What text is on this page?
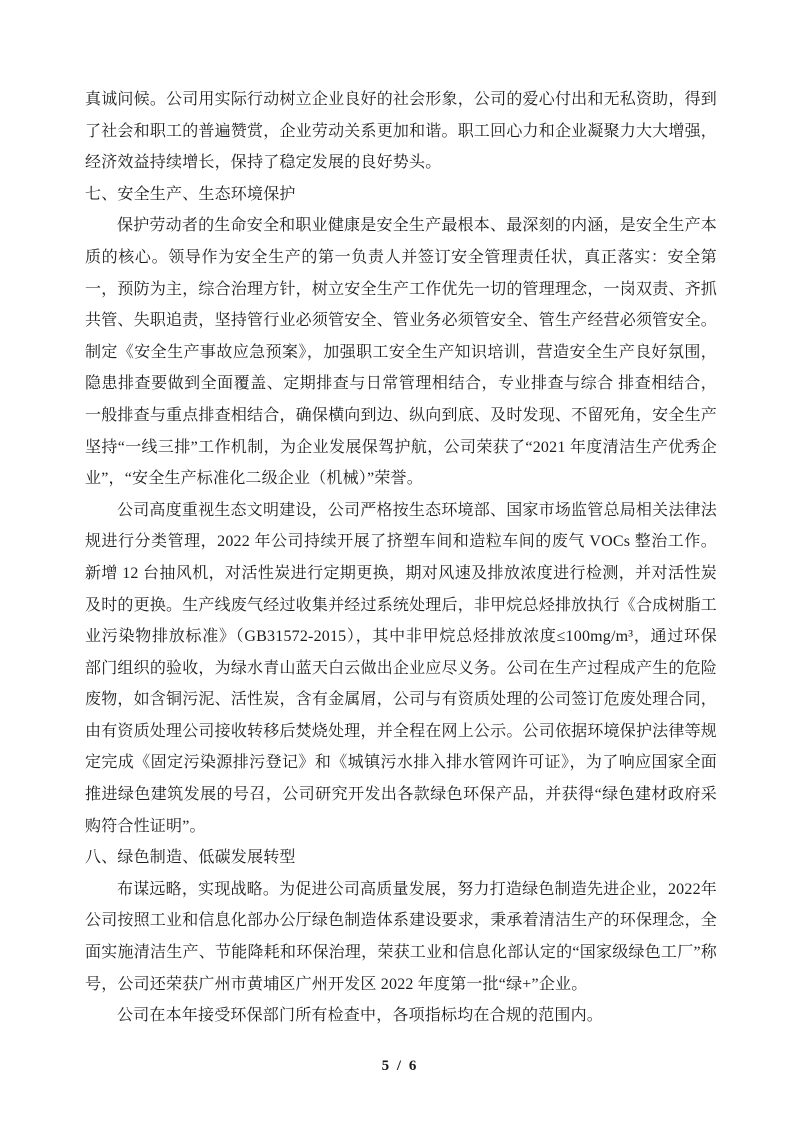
真诚问候。公司用实际行动树立企业良好的社会形象，公司的爱心付出和无私资助，得到了社会和职工的普遍赞赏，企业劳动关系更加和谐。职工回心力和企业凝聚力大大增强，经济效益持续增长，保持了稳定发展的良好势头。

七、安全生产、生态环境保护

保护劳动者的生命安全和职业健康是安全生产最根本、最深刻的内涵，是安全生产本质的核心。领导作为安全生产的第一负责人并签订安全管理责任状，真正落实：安全第一，预防为主，综合治理方针，树立安全生产工作优先一切的管理理念，一岗双责、齐抓共管、失职追责，坚持管行业必须管安全、管业务必须管安全、管生产经营必须管安全。制定《安全生产事故应急预案》，加强职工安全生产知识培训，营造安全生产良好氛围，隐患排查要做到全面覆盖、定期排查与日常管理相结合，专业排查与综合 排查相结合，一般排查与重点排查相结合，确保横向到边、纵向到底、及时发现、不留死角，安全生产坚持“一线三排”工作机制，为企业发展保驾护航，公司荣获了“2021 年度清洁生产优秀企业”，“安全生产标准化二级企业（机械）”荣誉。

公司高度重视生态文明建设，公司严格按生态环境部、国家市场监管总局相关法律法规进行分类管理，2022 年公司持续开展了挤塑车间和造粒车间的废气 VOCs 整治工作。新增 12 台抽风机，对活性炭进行定期更换，期对风速及排放浓度进行检测，并对活性炭及时的更换。生产线废气经过收集并经过系统处理后，非甲烷总烃排放执行《合成树脂工业污染物排放标准》（GB31572-2015），其中非甲烷总烃排放浓度≤100mg/m³，通过环保部门组织的验收，为绿水青山蓝天白云做出企业应尽义务。公司在生产过程成产生的危险废物，如含铜污泥、活性炭，含有金属屑，公司与有资质处理的公司签订危废处理合同，由有资质处理公司接收转移后焚烧处理，并全程在网上公示。公司依据环境保护法律等规定完成《固定污染源排污登记》和《城镇污水排入排水管网许可证》，为了响应国家全面推进绿色建筑发展的号召，公司研究开发出各款绿色环保产品，并获得“绿色建材政府采购符合性证明”。

八、绿色制造、低碳发展转型

布谋远略，实现战略。为促进公司高质量发展，努力打造绿色制造先进企业，2022年公司按照工业和信息化部办公厅绿色制造体系建设要求，秉承着清洁生产的环保理念，全面实施清洁生产、节能降耗和环保治理，荣获工业和信息化部认定的“国家级绿色工厂”称号，公司还荣获广州市黄埔区广州开发区 2022 年度第一批“绿+”企业。

公司在本年接受环保部门所有检查中，各项指标均在合规的范围内。

5 / 6
